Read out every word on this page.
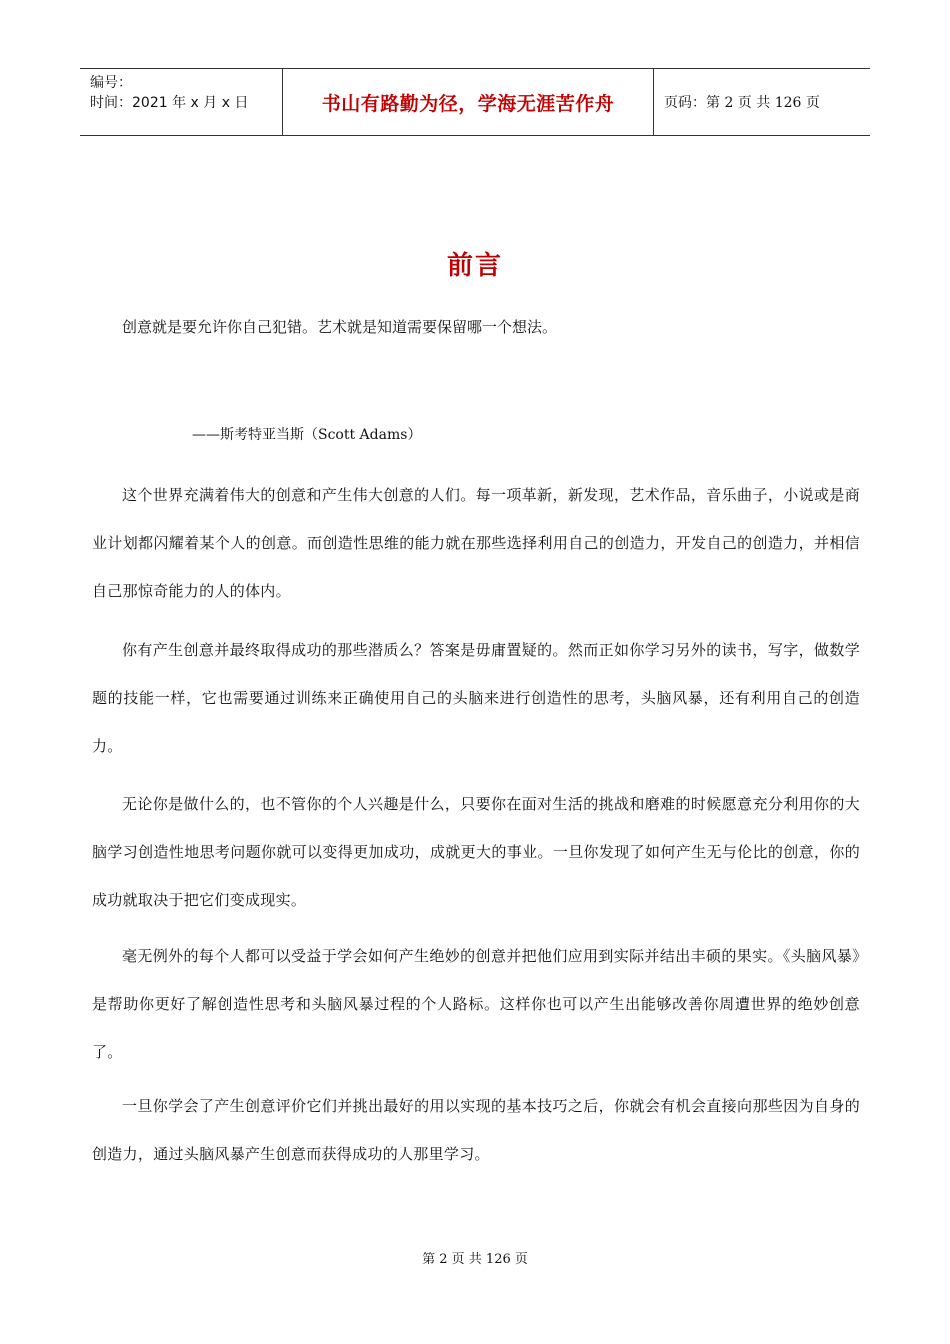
编号：
时间：2021 年 x 月 x 日	书山有路勤为径，学海无涯苦作舟	页码：第 2 页 共 126 页
前言

创意就是要允许你自己犯错。艺术就是知道需要保留哪一个想法。

——斯考特亚当斯（Scott Adams）

这个世界充满着伟大的创意和产生伟大创意的人们。每一项革新，新发现，艺术作品，音乐曲子，小说或是商业计划都闪耀着某个人的创意。而创造性思维的能力就在那些选择利用自己的创造力，开发自己的创造力，并相信自己那惊奇能力的人的体内。

你有产生创意并最终取得成功的那些潜质么？答案是毋庸置疑的。然而正如你学习另外的读书，写字，做数学题的技能一样，它也需要通过训练来正确使用自己的头脑来进行创造性的思考，头脑风暴，还有利用自己的创造力。

无论你是做什么的，也不管你的个人兴趣是什么，只要你在面对生活的挑战和磨难的时候愿意充分利用你的大脑学习创造性地思考问题你就可以变得更加成功，成就更大的事业。一旦你发现了如何产生无与伦比的创意，你的成功就取决于把它们变成现实。

毫无例外的每个人都可以受益于学会如何产生绝妙的创意并把他们应用到实际并结出丰硕的果实。《头脑风暴》是帮助你更好了解创造性思考和头脑风暴过程的个人路标。这样你也可以产生出能够改善你周遭世界的绝妙创意了。

一旦你学会了产生创意评价它们并挑出最好的用以实现的基本技巧之后，你就会有机会直接向那些因为自身的创造力，通过头脑风暴产生创意而获得成功的人那里学习。

第 2 页 共 126 页
